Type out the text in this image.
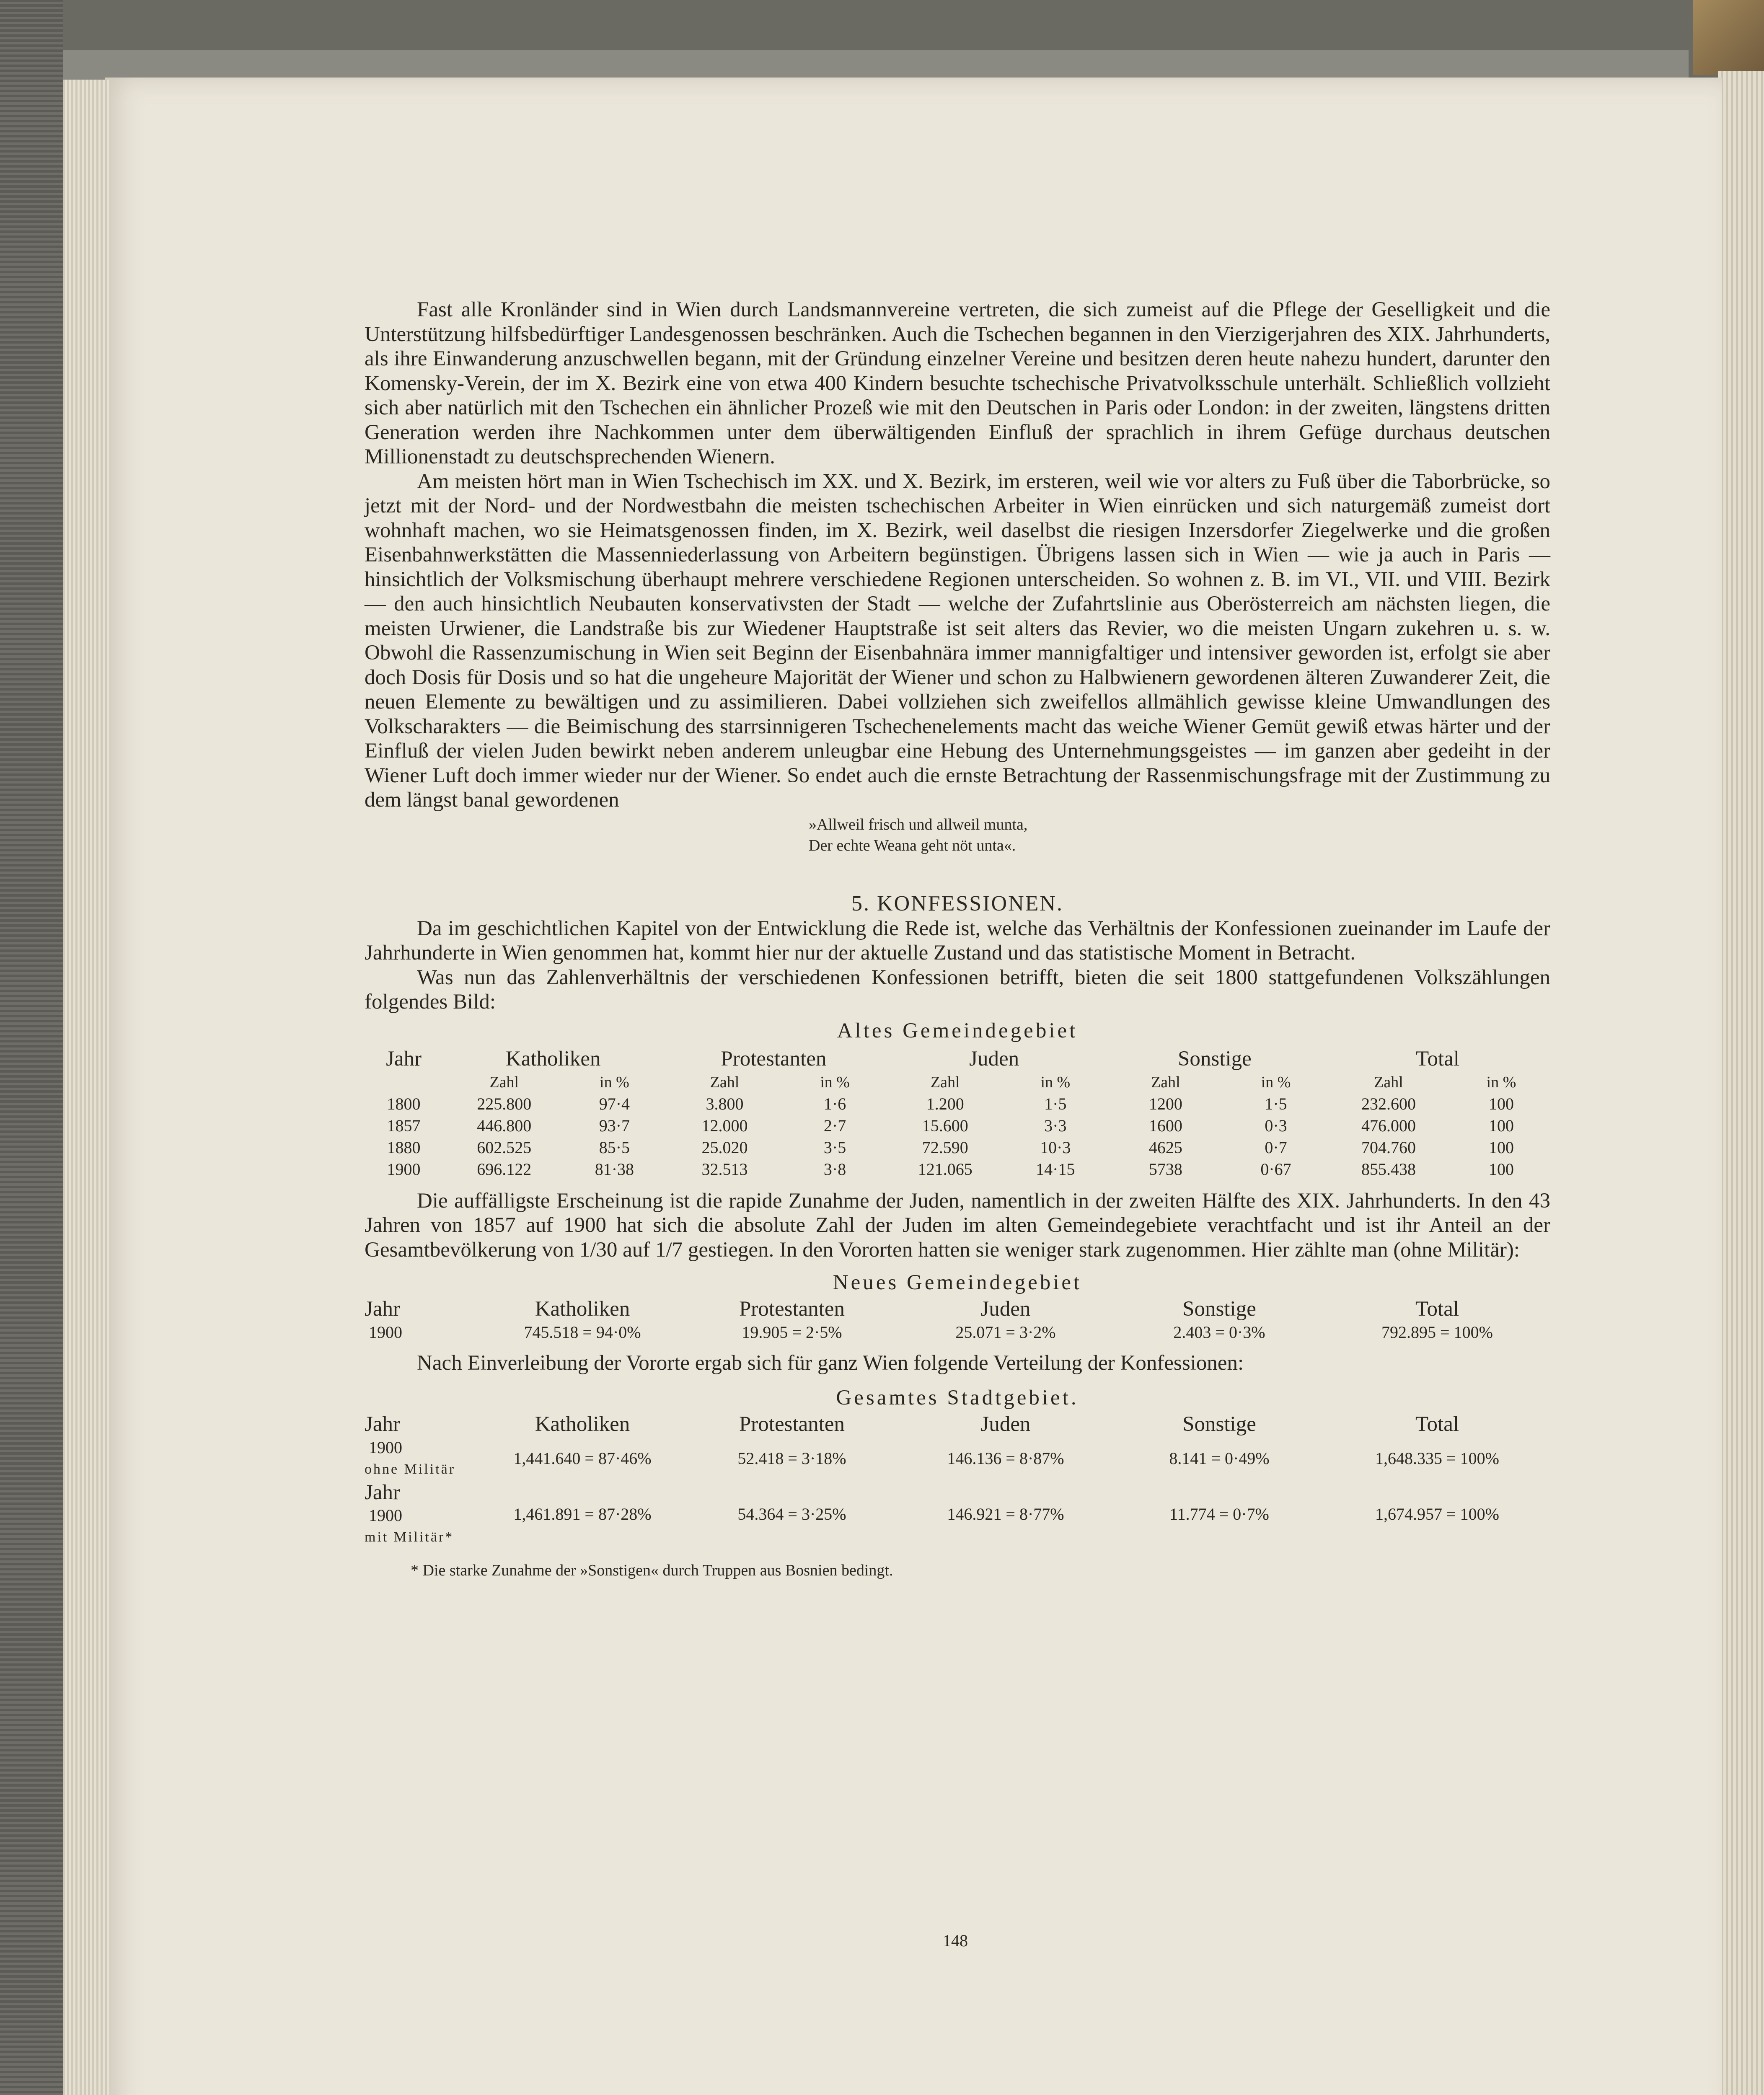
Fast alle Kronländer sind in Wien durch Landsmannvereine vertreten, die sich zumeist auf die Pflege der Geselligkeit und die Unterstützung hilfsbedürftiger Landesgenossen beschränken. Auch die Tschechen begannen in den Vierzigerjahren des XIX. Jahrhunderts, als ihre Einwanderung anzuschwellen begann, mit der Gründung einzelner Vereine und besitzen deren heute nahezu hundert, darunter den Komensky-Verein, der im X. Bezirk eine von etwa 400 Kindern besuchte tschechische Privatvolksschule unterhält. Schließlich vollzieht sich aber natürlich mit den Tschechen ein ähnlicher Prozeß wie mit den Deutschen in Paris oder London: in der zweiten, längstens dritten Generation werden ihre Nachkommen unter dem überwältigenden Einfluß der sprachlich in ihrem Gefüge durchaus deutschen Millionenstadt zu deutschsprechenden Wienern.

Am meisten hört man in Wien Tschechisch im XX. und X. Bezirk, im ersteren, weil wie vor alters zu Fuß über die Taborbrücke, so jetzt mit der Nord- und der Nordwestbahn die meisten tschechischen Arbeiter in Wien einrücken und sich naturgemäß zumeist dort wohnhaft machen, wo sie Heimatsgenossen finden, im X. Bezirk, weil daselbst die riesigen Inzersdorfer Ziegelwerke und die großen Eisenbahnwerkstätten die Massenniederlassung von Arbeitern begünstigen. Übrigens lassen sich in Wien — wie ja auch in Paris — hinsichtlich der Volksmischung überhaupt mehrere verschiedene Regionen unterscheiden. So wohnen z. B. im VI., VII. und VIII. Bezirk — den auch hinsichtlich Neubauten konservativsten der Stadt — welche der Zufahrtslinie aus Oberösterreich am nächsten liegen, die meisten Urwiener, die Landstraße bis zur Wiedener Hauptstraße ist seit alters das Revier, wo die meisten Ungarn zukehren u. s. w. Obwohl die Rassenzumischung in Wien seit Beginn der Eisenbahnära immer mannigfaltiger und intensiver geworden ist, erfolgt sie aber doch Dosis für Dosis und so hat die ungeheure Majorität der Wiener und schon zu Halbwienern gewordenen älteren Zuwanderer Zeit, die neuen Elemente zu bewältigen und zu assimilieren. Dabei vollziehen sich zweifellos allmählich gewisse kleine Umwandlungen des Volkscharakters — die Beimischung des starrsinnigeren Tschechenelements macht das weiche Wiener Gemüt gewiß etwas härter und der Einfluß der vielen Juden bewirkt neben anderem unleugbar eine Hebung des Unternehmungsgeistes — im ganzen aber gedeiht in der Wiener Luft doch immer wieder nur der Wiener. So endet auch die ernste Betrachtung der Rassenmischungsfrage mit der Zustimmung zu dem längst banal gewordenen

»Allweil frisch und allweil munta,
Der echte Weana geht nöt unta«.
5. KONFESSIONEN.

Da im geschichtlichen Kapitel von der Entwicklung die Rede ist, welche das Verhältnis der Konfessionen zueinander im Laufe der Jahrhunderte in Wien genommen hat, kommt hier nur der aktuelle Zustand und das statistische Moment in Betracht.

Was nun das Zahlenverhältnis der verschiedenen Konfessionen betrifft, bieten die seit 1800 stattgefundenen Volkszählungen folgendes Bild:

Altes Gemeindegebiet
Jahr	Katholiken		Protestanten		Juden		Sonstige		Total	
	Zahl	in %	Zahl	in %	Zahl	in %	Zahl	in %	Zahl	in %
1800	225.800	97·4	3.800	1·6	1.200	1·5	1200	1·5	232.600	100
1857	446.800	93·7	12.000	2·7	15.600	3·3	1600	0·3	476.000	100
1880	602.525	85·5	25.020	3·5	72.590	10·3	4625	0·7	704.760	100
1900	696.122	81·38	32.513	3·8	121.065	14·15	5738	0·67	855.438	100

Die auffälligste Erscheinung ist die rapide Zunahme der Juden, namentlich in der zweiten Hälfte des XIX. Jahrhunderts. In den 43 Jahren von 1857 auf 1900 hat sich die absolute Zahl der Juden im alten Gemeindegebiete verachtfacht und ist ihr Anteil an der Gesamtbevölkerung von 1/30 auf 1/7 gestiegen. In den Vororten hatten sie weniger stark zugenommen. Hier zählte man (ohne Militär):

Neues Gemeindegebiet
Jahr	Katholiken	Protestanten	Juden	Sonstige	Total
1900	745.518 = 94·0%	19.905 = 2·5%	25.071 = 3·2%	2.403 = 0·3%	792.895 = 100%

Nach Einverleibung der Vororte ergab sich für ganz Wien folgende Verteilung der Konfessionen:

Gesamtes Stadtgebiet.
Jahr	Katholiken	Protestanten	Juden	Sonstige	Total

1900
ohne Militär	1,441.640 = 87·46%	52.418 = 3·18%	146.136 = 8·87%	8.141 = 0·49%	1,648.335 = 100%

Jahr
1900
mit Militär*	1,461.891 = 87·28%	54.364 = 3·25%	146.921 = 8·77%	11.774 = 0·7%	1,674.957 = 100%
* Die starke Zunahme der »Sonstigen« durch Truppen aus Bosnien bedingt.
148
